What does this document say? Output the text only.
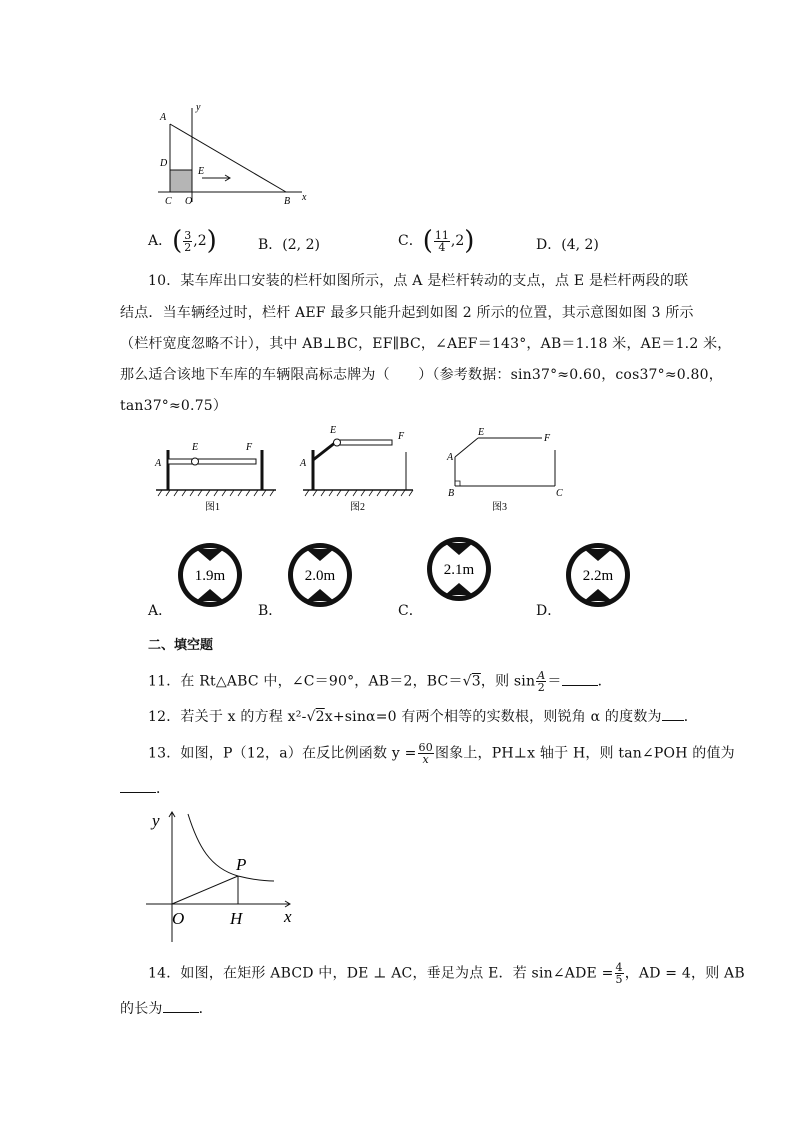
A
D
E
C O	B x
y
A．( $\frac{3}{2} ,2$)	B．(2, 2)	C．( $\frac{11}{4} ,2$)	D．(4, 2)
10．某车库出口安装的栏杆如图所示，点 A 是栏杆转动的支点，点 E 是栏杆两段的联
结点．当车辆经过时，栏杆 AEF 最多只能升起到如图 2 所示的位置，其示意图如图 3 所示
（栏杆宽度忽略不计），其中 AB⊥BC，EF∥BC，∠AEF＝143°，AB＝1.18 米，AE＝1.2 米，
那么适合该地下车库的车辆限高标志牌为（　　）（参考数据：sin37°≈0.60，cos37°≈0.80，
tan37°≈0.75）
A
E	F
图1
A
E
F
图2
A
E
F
B	C
图3
A．	B．	C．	D．
1.9m	2.0m	2.1m	2.2m
二、填空题
11．在 Rt△ABC 中，∠C＝90°，AB＝2，BC＝√3，则 $\sin \frac{A}{2}$ ＝	．
12．若关于 x 的方程 x²-√2x+sinα=0 有两个相等的实数根，则锐角 α 的度数为 ．
13．如图，P（12，a）在反比例函数 $y = \frac{60}{x}$ 图象上，PH⊥x 轴于 H，则 tan∠POH 的值为
．
y
P
O	H x
14．如图，在矩形 ABCD 中，DE ⊥ AC，垂足为点 E．若 sin∠ADE = $\frac{4}{5}$ ，AD = 4，则 AB
的长为	．
